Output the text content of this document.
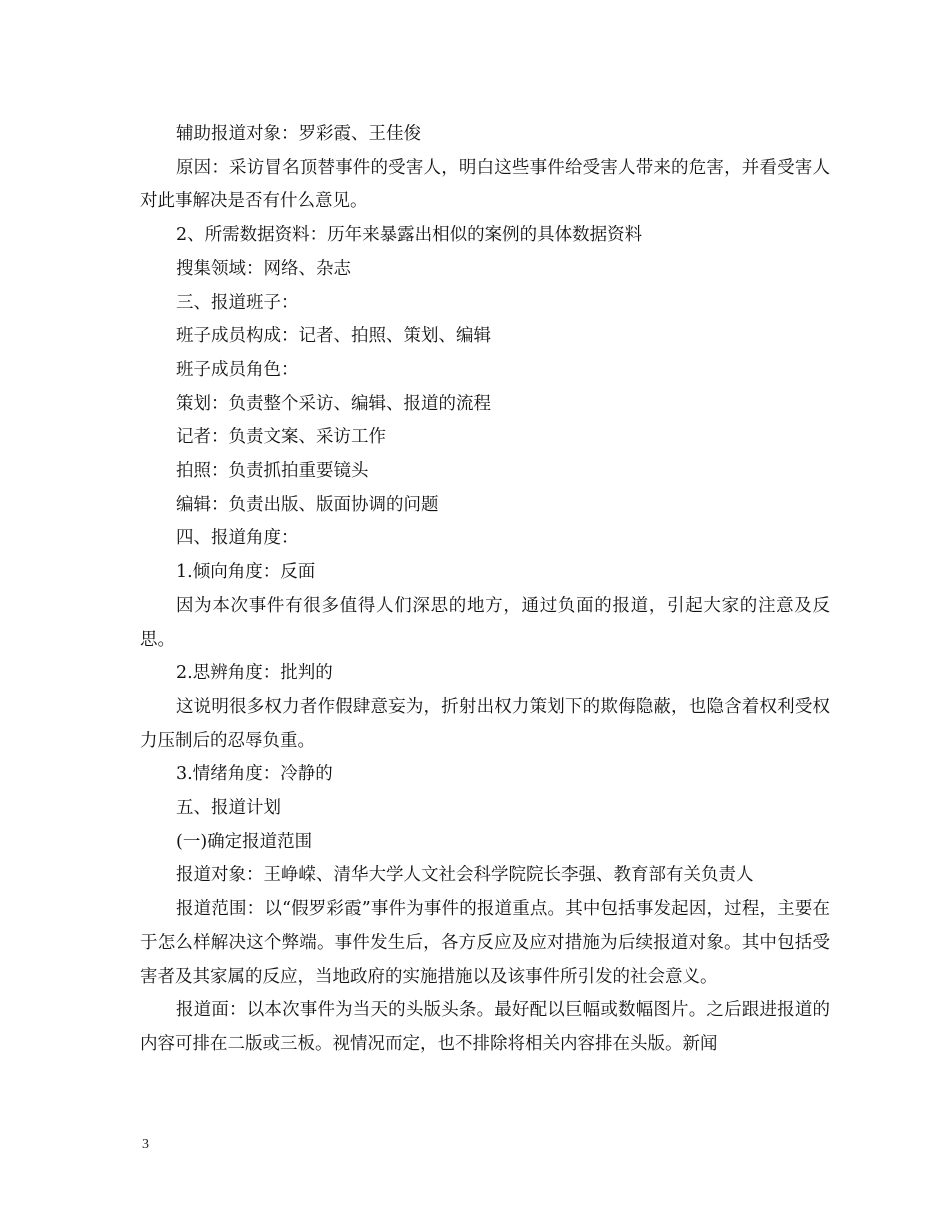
辅助报道对象：罗彩霞、王佳俊

原因：采访冒名顶替事件的受害人，明白这些事件给受害人带来的危害，并看受害人对此事解决是否有什么意见。

2、所需数据资料：历年来暴露出相似的案例的具体数据资料

搜集领域：网络、杂志

三、报道班子：

班子成员构成：记者、拍照、策划、编辑

班子成员角色：

策划：负责整个采访、编辑、报道的流程

记者：负责文案、采访工作

拍照：负责抓拍重要镜头

编辑：负责出版、版面协调的问题

四、报道角度：

1.倾向角度：反面

因为本次事件有很多值得人们深思的地方，通过负面的报道，引起大家的注意及反思。

2.思辨角度：批判的

这说明很多权力者作假肆意妄为，折射出权力策划下的欺侮隐蔽，也隐含着权利受权力压制后的忍辱负重。

3.情绪角度：冷静的

五、报道计划

(一)确定报道范围

报道对象：王峥嵘、清华大学人文社会科学院院长李强、教育部有关负责人

报道范围：以“假罗彩霞”事件为事件的报道重点。其中包括事发起因，过程，主要在于怎么样解决这个弊端。事件发生后，各方反应及应对措施为后续报道对象。其中包括受害者及其家属的反应，当地政府的实施措施以及该事件所引发的社会意义。

报道面：以本次事件为当天的头版头条。最好配以巨幅或数幅图片。之后跟进报道的内容可排在二版或三板。视情况而定，也不排除将相关内容排在头版。新闻

3
